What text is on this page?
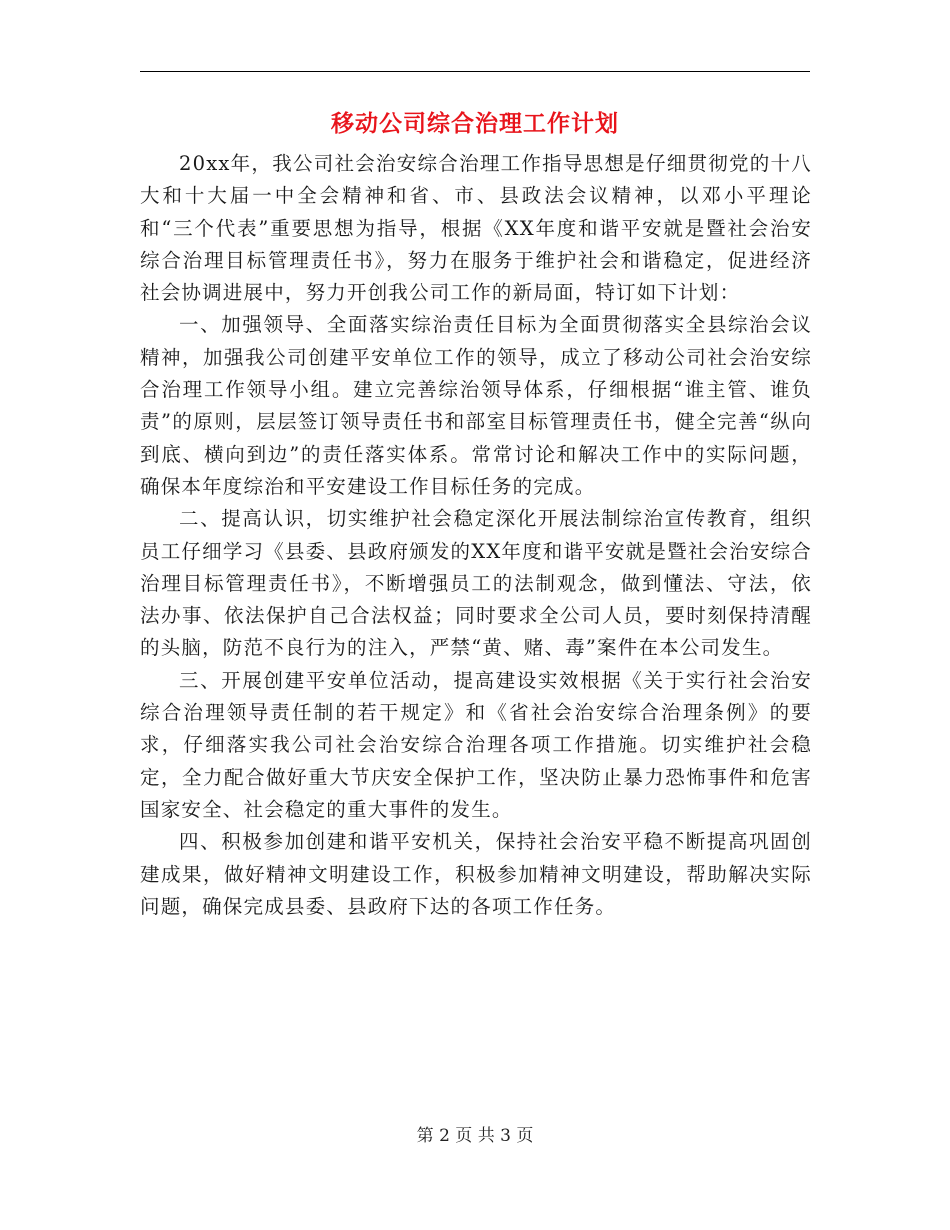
移动公司综合治理工作计划

20xx年，我公司社会治安综合治理工作指导思想是仔细贯彻党的十八大和十大届一中全会精神和省、市、县政法会议精神，以邓小平理论和“三个代表”重要思想为指导，根据《XX年度和谐平安就是暨社会治安综合治理目标管理责任书》，努力在服务于维护社会和谐稳定，促进经济社会协调进展中，努力开创我公司工作的新局面，特订如下计划：

一、加强领导、全面落实综治责任目标为全面贯彻落实全县综治会议精神，加强我公司创建平安单位工作的领导，成立了移动公司社会治安综合治理工作领导小组。建立完善综治领导体系，仔细根据“谁主管、谁负责”的原则，层层签订领导责任书和部室目标管理责任书，健全完善“纵向到底、横向到边”的责任落实体系。常常讨论和解决工作中的实际问题，确保本年度综治和平安建设工作目标任务的完成。

二、提高认识，切实维护社会稳定深化开展法制综治宣传教育，组织员工仔细学习《县委、县政府颁发的XX年度和谐平安就是暨社会治安综合治理目标管理责任书》，不断增强员工的法制观念，做到懂法、守法，依法办事、依法保护自己合法权益；同时要求全公司人员，要时刻保持清醒的头脑，防范不良行为的注入，严禁“黄、赌、毒”案件在本公司发生。

三、开展创建平安单位活动，提高建设实效根据《关于实行社会治安综合治理领导责任制的若干规定》和《省社会治安综合治理条例》的要求，仔细落实我公司社会治安综合治理各项工作措施。切实维护社会稳定，全力配合做好重大节庆安全保护工作，坚决防止暴力恐怖事件和危害国家安全、社会稳定的重大事件的发生。

四、积极参加创建和谐平安机关，保持社会治安平稳不断提高巩固创建成果，做好精神文明建设工作，积极参加精神文明建设，帮助解决实际问题，确保完成县委、县政府下达的各项工作任务。

第 2 页 共 3 页
